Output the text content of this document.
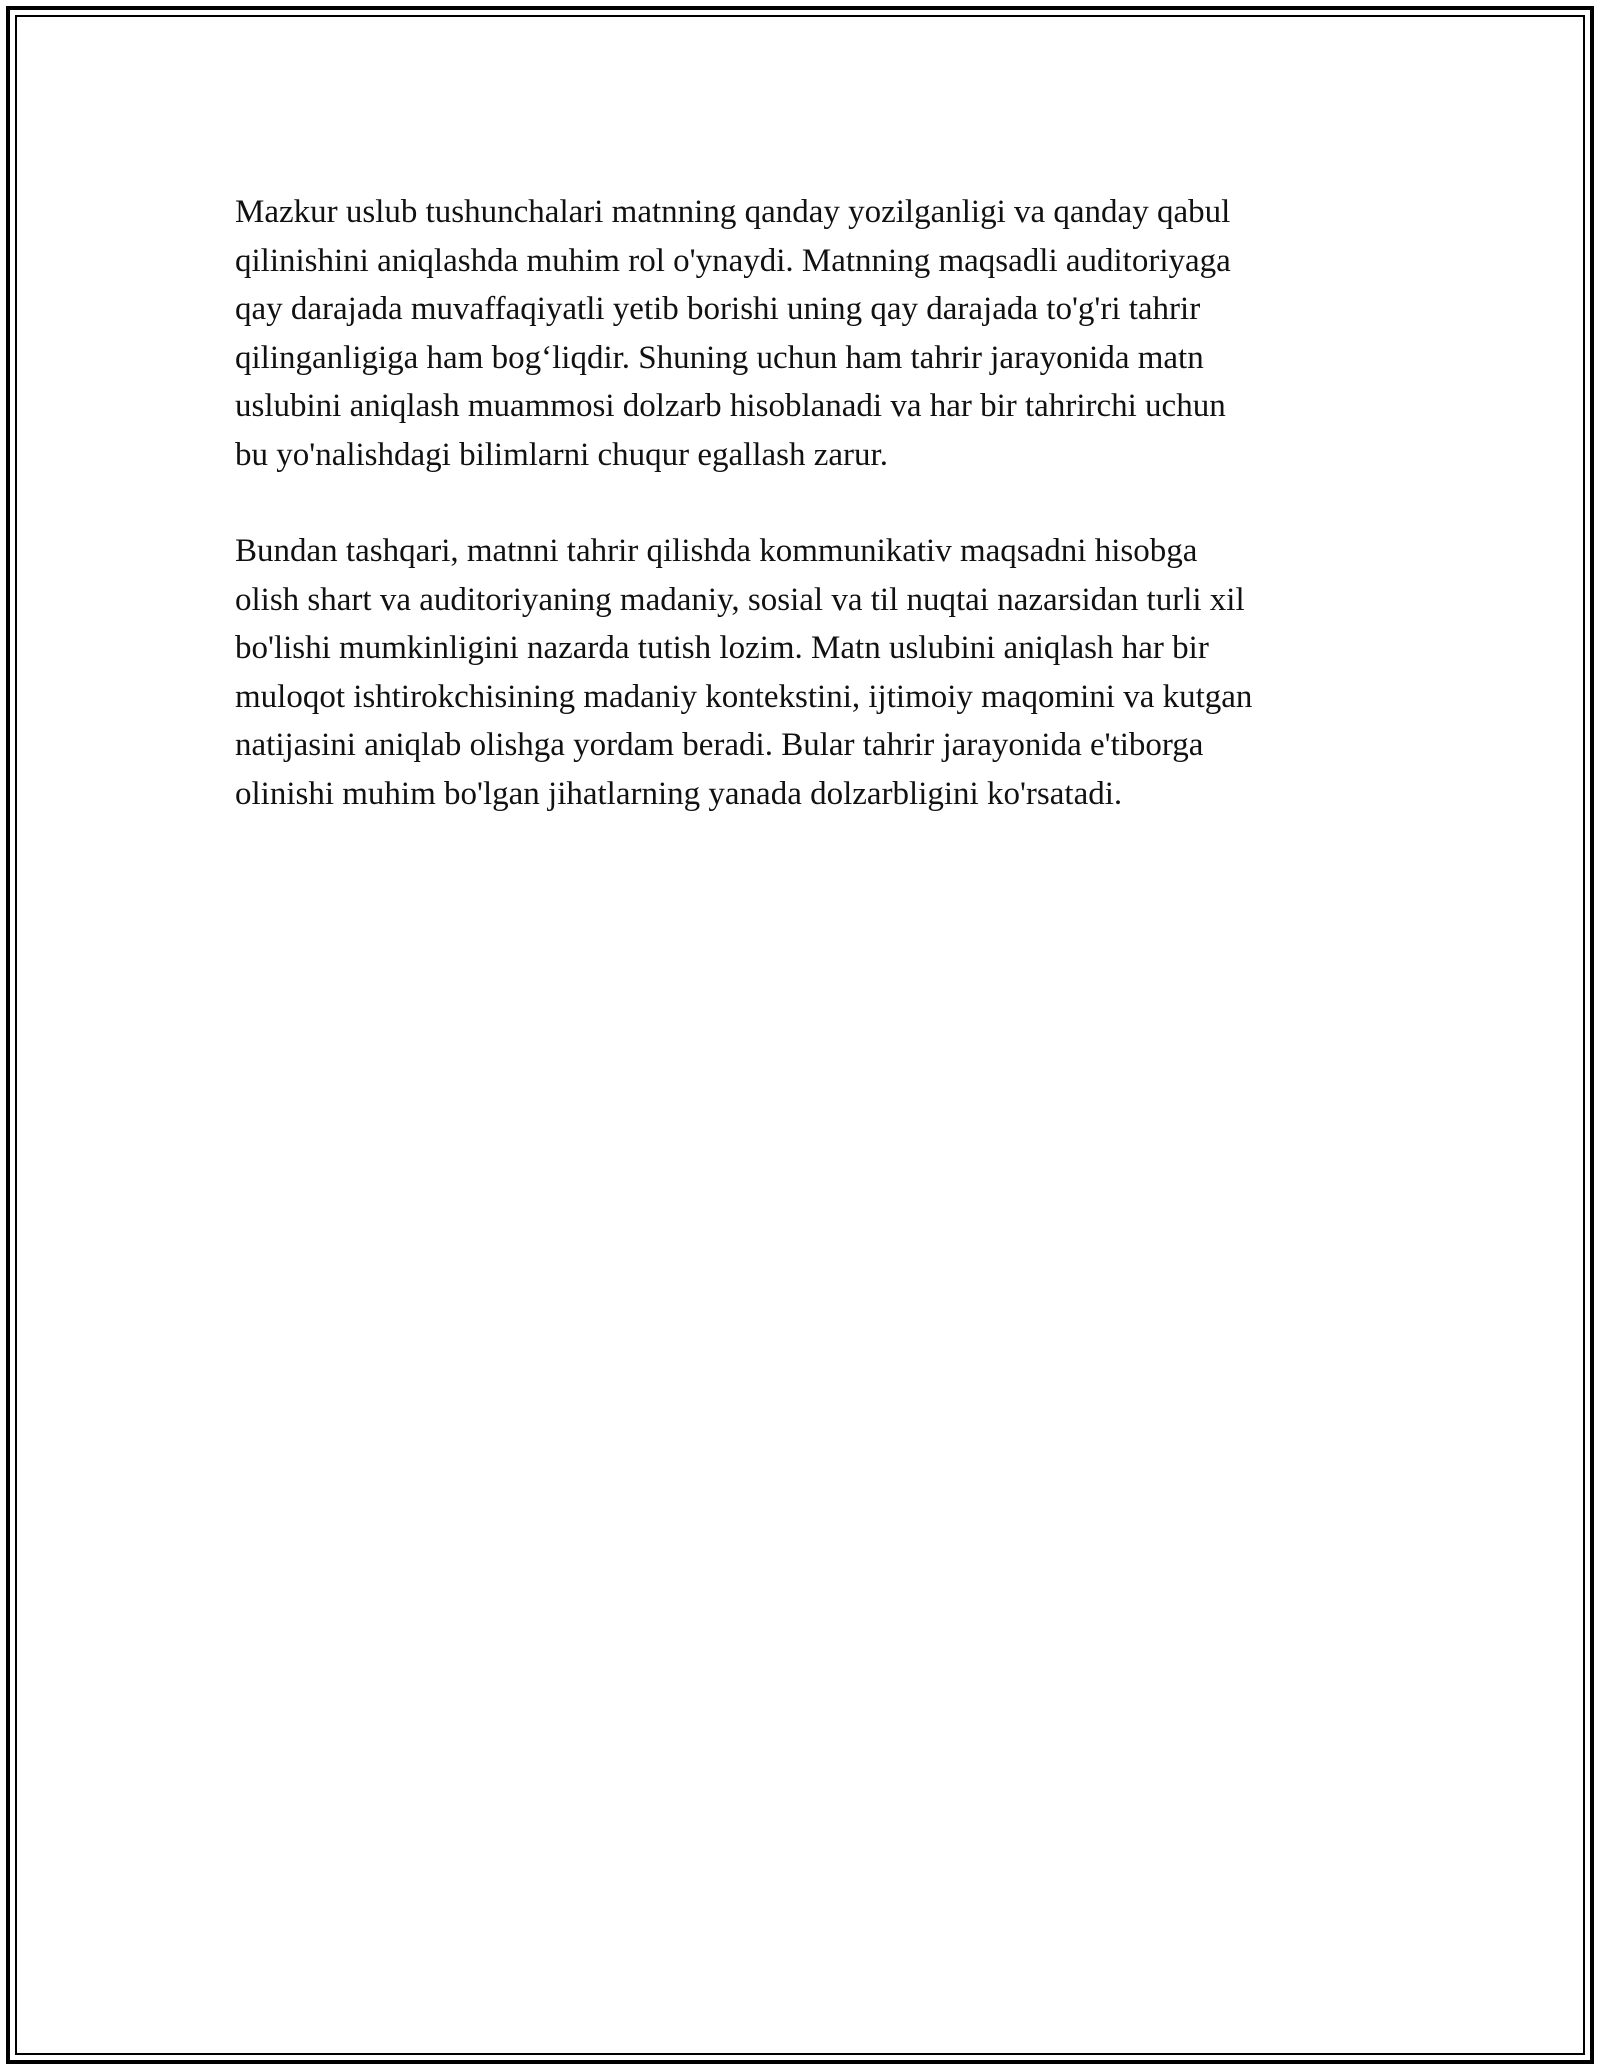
Mazkur uslub tushunchalari matnning qanday yozilganligi va qanday qabul
qilinishini aniqlashda muhim rol o'ynaydi. Matnning maqsadli auditoriyaga
qay darajada muvaffaqiyatli yetib borishi uning qay darajada to'g'ri tahrir
qilinganligiga ham bog‘liqdir. Shuning uchun ham tahrir jarayonida matn
uslubini aniqlash muammosi dolzarb hisoblanadi va har bir tahrirchi uchun
bu yo'nalishdagi bilimlarni chuqur egallash zarur.

Bundan tashqari, matnni tahrir qilishda kommunikativ maqsadni hisobga
olish shart va auditoriyaning madaniy, sosial va til nuqtai nazarsidan turli xil
bo'lishi mumkinligini nazarda tutish lozim. Matn uslubini aniqlash har bir
muloqot ishtirokchisining madaniy kontekstini, ijtimoiy maqomini va kutgan
natijasini aniqlab olishga yordam beradi. Bular tahrir jarayonida e'tiborga
olinishi muhim bo'lgan jihatlarning yanada dolzarbligini ko'rsatadi.
